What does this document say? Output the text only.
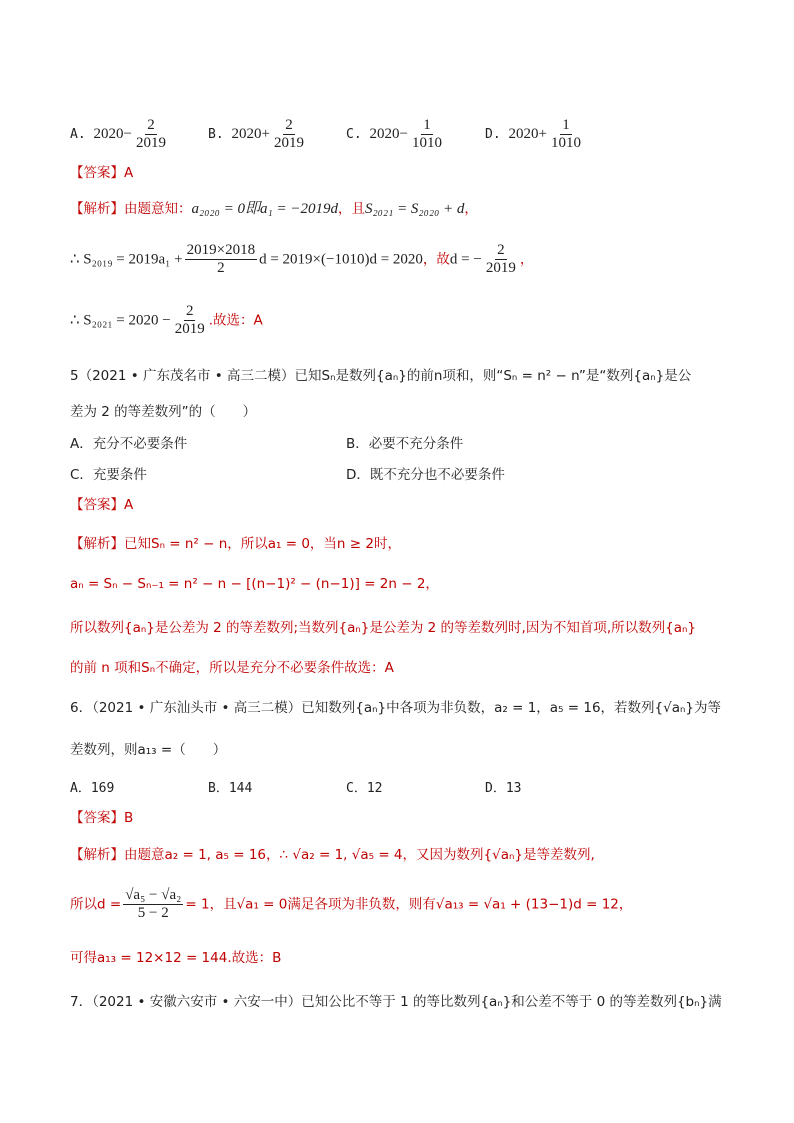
A. $2020- \frac{2}{2019}$	B. $2020+ \frac{2}{2019}$	C. $2020- \frac{1}{1010}$	D. $2020+ \frac{1}{1010}$
【答案】A
【解析】由题意知：a₂₀₂₀ = 0即a₁ = −2019d，且S₂₀₂₁ = S₂₀₂₀ + d，
∴ $S_{2019} = 2019a_1 + \frac{2019\times 2018}{2}$ d = 2019×(−1010)d = 2020，故d = − $\frac{2}{2019}$ ，
∴ $S_{2021} = 2020 - \frac{2}{2019}$ .故选：A
5（2021 • 广东茂名市 • 高三二模）已知Sₙ是数列{aₙ}的前n项和，则“Sₙ = n² − n”是“数列{aₙ}是公
差为 2 的等差数列”的（　　）
A．充分不必要条件	B．必要不充分条件
C．充要条件	D．既不充分也不必要条件
【答案】A
【解析】已知Sₙ = n² − n，所以a₁ = 0，当n ≥ 2时，
aₙ = Sₙ − Sₙ₋₁ = n² − n − [(n−1)² − (n−1)] = 2n − 2，
所以数列{aₙ}是公差为 2 的等差数列;当数列{aₙ}是公差为 2 的等差数列时,因为不知首项,所以数列{aₙ}
的前 n 项和Sₙ不确定，所以是充分不必要条件故选：A
6．（2021 • 广东汕头市 • 高三二模）已知数列{aₙ}中各项为非负数，a₂ = 1，a₅ = 16，若数列{√aₙ}为等
差数列，则a₁₃ =（　　）
A．169	B．144	C．12	D．13
【答案】B
【解析】由题意a₂ = 1, a₅ = 16，∴ √a₂ = 1, √a₅ = 4，又因为数列{√aₙ}是等差数列,
所以$d = \frac{\text{√a₅ − √a₂}}{5 - 2} = 1$，且√a₁ = 0满足各项为非负数，则有√a₁₃ = √a₁ + (13−1)d = 12，
可得a₁₃ = 12×12 = 144.故选：B
7．（2021 • 安徽六安市 • 六安一中）已知公比不等于 1 的等比数列{aₙ}和公差不等于 0 的等差数列{bₙ}满
